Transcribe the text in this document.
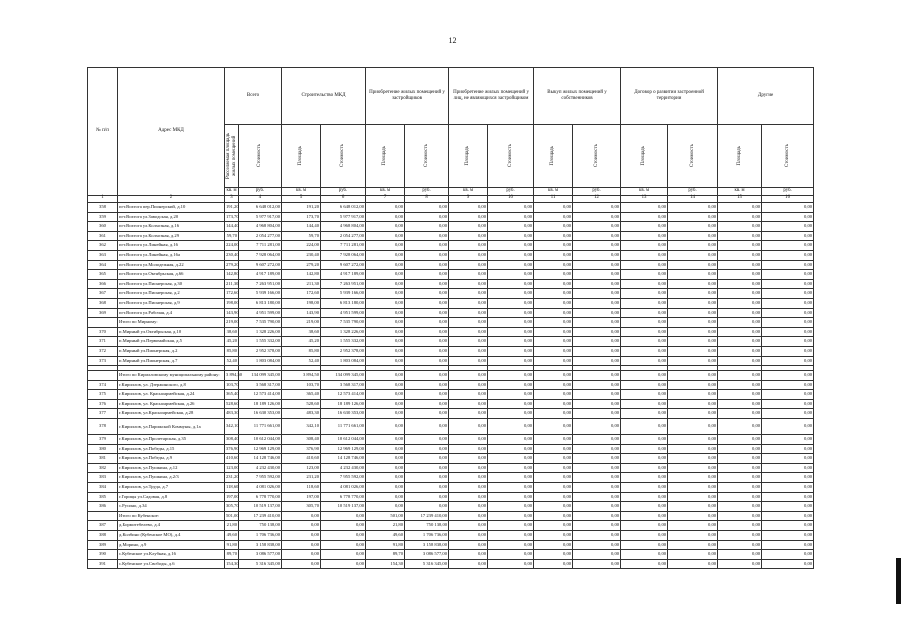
12
№ п/п	Адрес МКД	Всего		Строительство МКД		Приобретение жилых помещений у застройщиков		Приобретение жилых помещений у лиц, не являющихся застройщиком		Выкуп жилых помещений у собственников		Договор о развитии застроенной территории		Другие	

		Расселяемая площадь жилых помещений	Стоимость	Площадь	Стоимость	Площадь	Стоимость	Площадь	Стоимость	Площадь	Стоимость	Площадь	Стоимость	Площадь	Стоимость

		кв. м	руб.	кв. м	руб.	кв. м	руб.	кв. м	руб.	кв. м	руб.	кв. м	руб.	кв. м	руб.
1	2	3	4	5	6	7	8	9	10	11	12	13	14	15	16
358	пгт.Вохтога пер.Пионерский, д.10	191,20	6 648 012,00	191,20	6 648 012,00	0,00	0,00	0,00	0,00	0,00	0,00	0,00	0,00	0,00	0,00
359	пгт.Вохтога ул.Заводская, д.20	173,70	5 977 917,00	173,70	5 977 917,00	0,00	0,00	0,00	0,00	0,00	0,00	0,00	0,00	0,00	0,00
360	пгт.Вохтога ул.Колхозная, д.16	144,40	4 968 804,00	144,40	4 968 804,00	0,00	0,00	0,00	0,00	0,00	0,00	0,00	0,00	0,00	0,00
361	пгт.Вохтога ул.Колхозная, д.29	59,70	2 054 277,00	59,70	2 054 277,00	0,00	0,00	0,00	0,00	0,00	0,00	0,00	0,00	0,00	0,00
362	пгт.Вохтога ул.Линейная, д.16	224,00	7 711 281,00	224,00	7 711 281,00	0,00	0,00	0,00	0,00	0,00	0,00	0,00	0,00	0,00	0,00
363	пгт.Вохтога ул.Линейная, д.16а	230,40	7 928 064,00	230,40	7 928 064,00	0,00	0,00	0,00	0,00	0,00	0,00	0,00	0,00	0,00	0,00
364	пгт.Вохтога ул.Молодежная, д.22	279,20	9 607 272,00	279,20	9 607 272,00	0,00	0,00	0,00	0,00	0,00	0,00	0,00	0,00	0,00	0,00
365	пгт.Вохтога ул.Октябрьская, д.66	142,80	4 917 189,00	142,80	4 917 189,00	0,00	0,00	0,00	0,00	0,00	0,00	0,00	0,00	0,00	0,00
366	пгт.Вохтога ул.Пионерская, д.30	211,30	7 263 951,00	211,30	7 263 951,00	0,00	0,00	0,00	0,00	0,00	0,00	0,00	0,00	0,00	0,00
367	пгт.Вохтога ул.Пионерская, д.2	172,60	5 939 166,00	172,60	5 939 166,00	0,00	0,00	0,00	0,00	0,00	0,00	0,00	0,00	0,00	0,00
368	пгт.Вохтога ул.Пионерская, д.9	198,00	6 813 180,00	198,00	6 813 180,00	0,00	0,00	0,00	0,00	0,00	0,00	0,00	0,00	0,00	0,00
369	пгт.Вохтога ул.Рабочая, д.4	143,90	4 951 599,00	143,90	4 951 599,00	0,00	0,00	0,00	0,00	0,00	0,00	0,00	0,00	0,00	0,00
	Итого по Мирному:	219,00	7 535 790,00	219,00	7 535 790,00	0,00	0,00	0,00	0,00	0,00	0,00	0,00	0,00	0,00	0,00
370	п.Мирный ул.Октябрьская, д.10	38,60	1 328 226,00	38,60	1 328 226,00	0,00	0,00	0,00	0,00	0,00	0,00	0,00	0,00	0,00	0,00
371	п.Мирный ул.Первомайская, д.5	45,20	1 555 332,00	45,20	1 555 332,00	0,00	0,00	0,00	0,00	0,00	0,00	0,00	0,00	0,00	0,00
372	п.Мирный ул.Пионерская, д.2	85,80	2 952 378,00	85,80	2 952 378,00	0,00	0,00	0,00	0,00	0,00	0,00	0,00	0,00	0,00	0,00
373	п.Мирный ул.Пионерская, д.7	52,40	1 803 084,00	52,40	1 803 084,00	0,00	0,00	0,00	0,00	0,00	0,00	0,00	0,00	0,00	0,00

	Итого по Кирилловскому муниципальному району:	3 894,50	134 099 345,00	3 894,50	134 099 345,00	0,00	0,00	0,00	0,00	0,00	0,00	0,00	0,00	0,00	0,00
374	г.Кириллов, ул. Дзержинского, д.8	103,70	3 568 317,00	103,70	3 568 317,00	0,00	0,00	0,00	0,00	0,00	0,00	0,00	0,00	0,00	0,00
375	г.Кириллов, ул. Красноармейская, д.24	365,40	12 573 414,00	365,40	12 573 414,00	0,00	0,00	0,00	0,00	0,00	0,00	0,00	0,00	0,00	0,00
376	г.Кириллов, ул. Красноармейская, д.26	528,60	18 189 126,00	528,60	18 189 126,00	0,00	0,00	0,00	0,00	0,00	0,00	0,00	0,00	0,00	0,00
377	г.Кириллов, ул.Красноармейская, д.28	483,30	16 630 353,00	483,30	16 630 353,00	0,00	0,00	0,00	0,00	0,00	0,00	0,00	0,00	0,00	0,00
378	г.Кириллов, ул.Парижской Коммуны, д.1а	342,10	11 771 661,00	342,10	11 771 661,00	0,00	0,00	0,00	0,00	0,00	0,00	0,00	0,00	0,00	0,00
379	г.Кириллов, ул.Пролетарская, д.35	308,40	10 612 044,00	308,40	10 612 044,00	0,00	0,00	0,00	0,00	0,00	0,00	0,00	0,00	0,00	0,00
380	г.Кириллов, ул.Победы, д.15	376,90	12 969 129,00	376,90	12 969 129,00	0,00	0,00	0,00	0,00	0,00	0,00	0,00	0,00	0,00	0,00
381	г.Кириллов, ул.Победы, д.9	410,60	14 128 746,00	410,60	14 128 746,00	0,00	0,00	0,00	0,00	0,00	0,00	0,00	0,00	0,00	0,00
382	г.Кириллов, ул.Пушкина, д.12	123,00	4 232 430,00	123,00	4 232 430,00	0,00	0,00	0,00	0,00	0,00	0,00	0,00	0,00	0,00	0,00
383	г.Кириллов, ул.Пушкина, д.2/3	231,20	7 955 592,00	231,20	7 955 592,00	0,00	0,00	0,00	0,00	0,00	0,00	0,00	0,00	0,00	0,00
384	г.Кириллов, ул.Труда, д.7	118,60	4 081 026,00	118,60	4 081 026,00	0,00	0,00	0,00	0,00	0,00	0,00	0,00	0,00	0,00	0,00
385	г.Горицы ул.Садовая, д.8	197,00	6 778 770,00	197,00	6 778 770,00	0,00	0,00	0,00	0,00	0,00	0,00	0,00	0,00	0,00	0,00
386	с.Русино, д.34	305,70	10 519 137,00	305,70	10 519 137,00	0,00	0,00	0,00	0,00	0,00	0,00	0,00	0,00	0,00	0,00
	Итого по Кубенское:	501,00	17 239 410,00	0,00	0,00	501,00	17 239 410,00	0,00	0,00	0,00	0,00	0,00	0,00	0,00	0,00
387	д.Бормотебелево, д.4	21,80	750 138,00	0,00	0,00	21,80	750 138,00	0,00	0,00	0,00	0,00	0,00	0,00	0,00	0,00
388	д.Колбино (Кубенское МО), д.4	49,60	1 706 736,00	0,00	0,00	49,60	1 706 736,00	0,00	0,00	0,00	0,00	0,00	0,00	0,00	0,00
389	д.Морино, д.9	91,80	3 158 838,00	0,00	0,00	91,80	3 158 838,00	0,00	0,00	0,00	0,00	0,00	0,00	0,00	0,00
390	с.Кубенское ул.Клубная, д.16	89,70	3 086 577,00	0,00	0,00	89,70	3 086 577,00	0,00	0,00	0,00	0,00	0,00	0,00	0,00	0,00
391	с.Кубенское ул.Свободы, д.6	154,30	5 316 345,00	0,00	0,00	154,30	5 316 345,00	0,00	0,00	0,00	0,00	0,00	0,00	0,00	0,00
